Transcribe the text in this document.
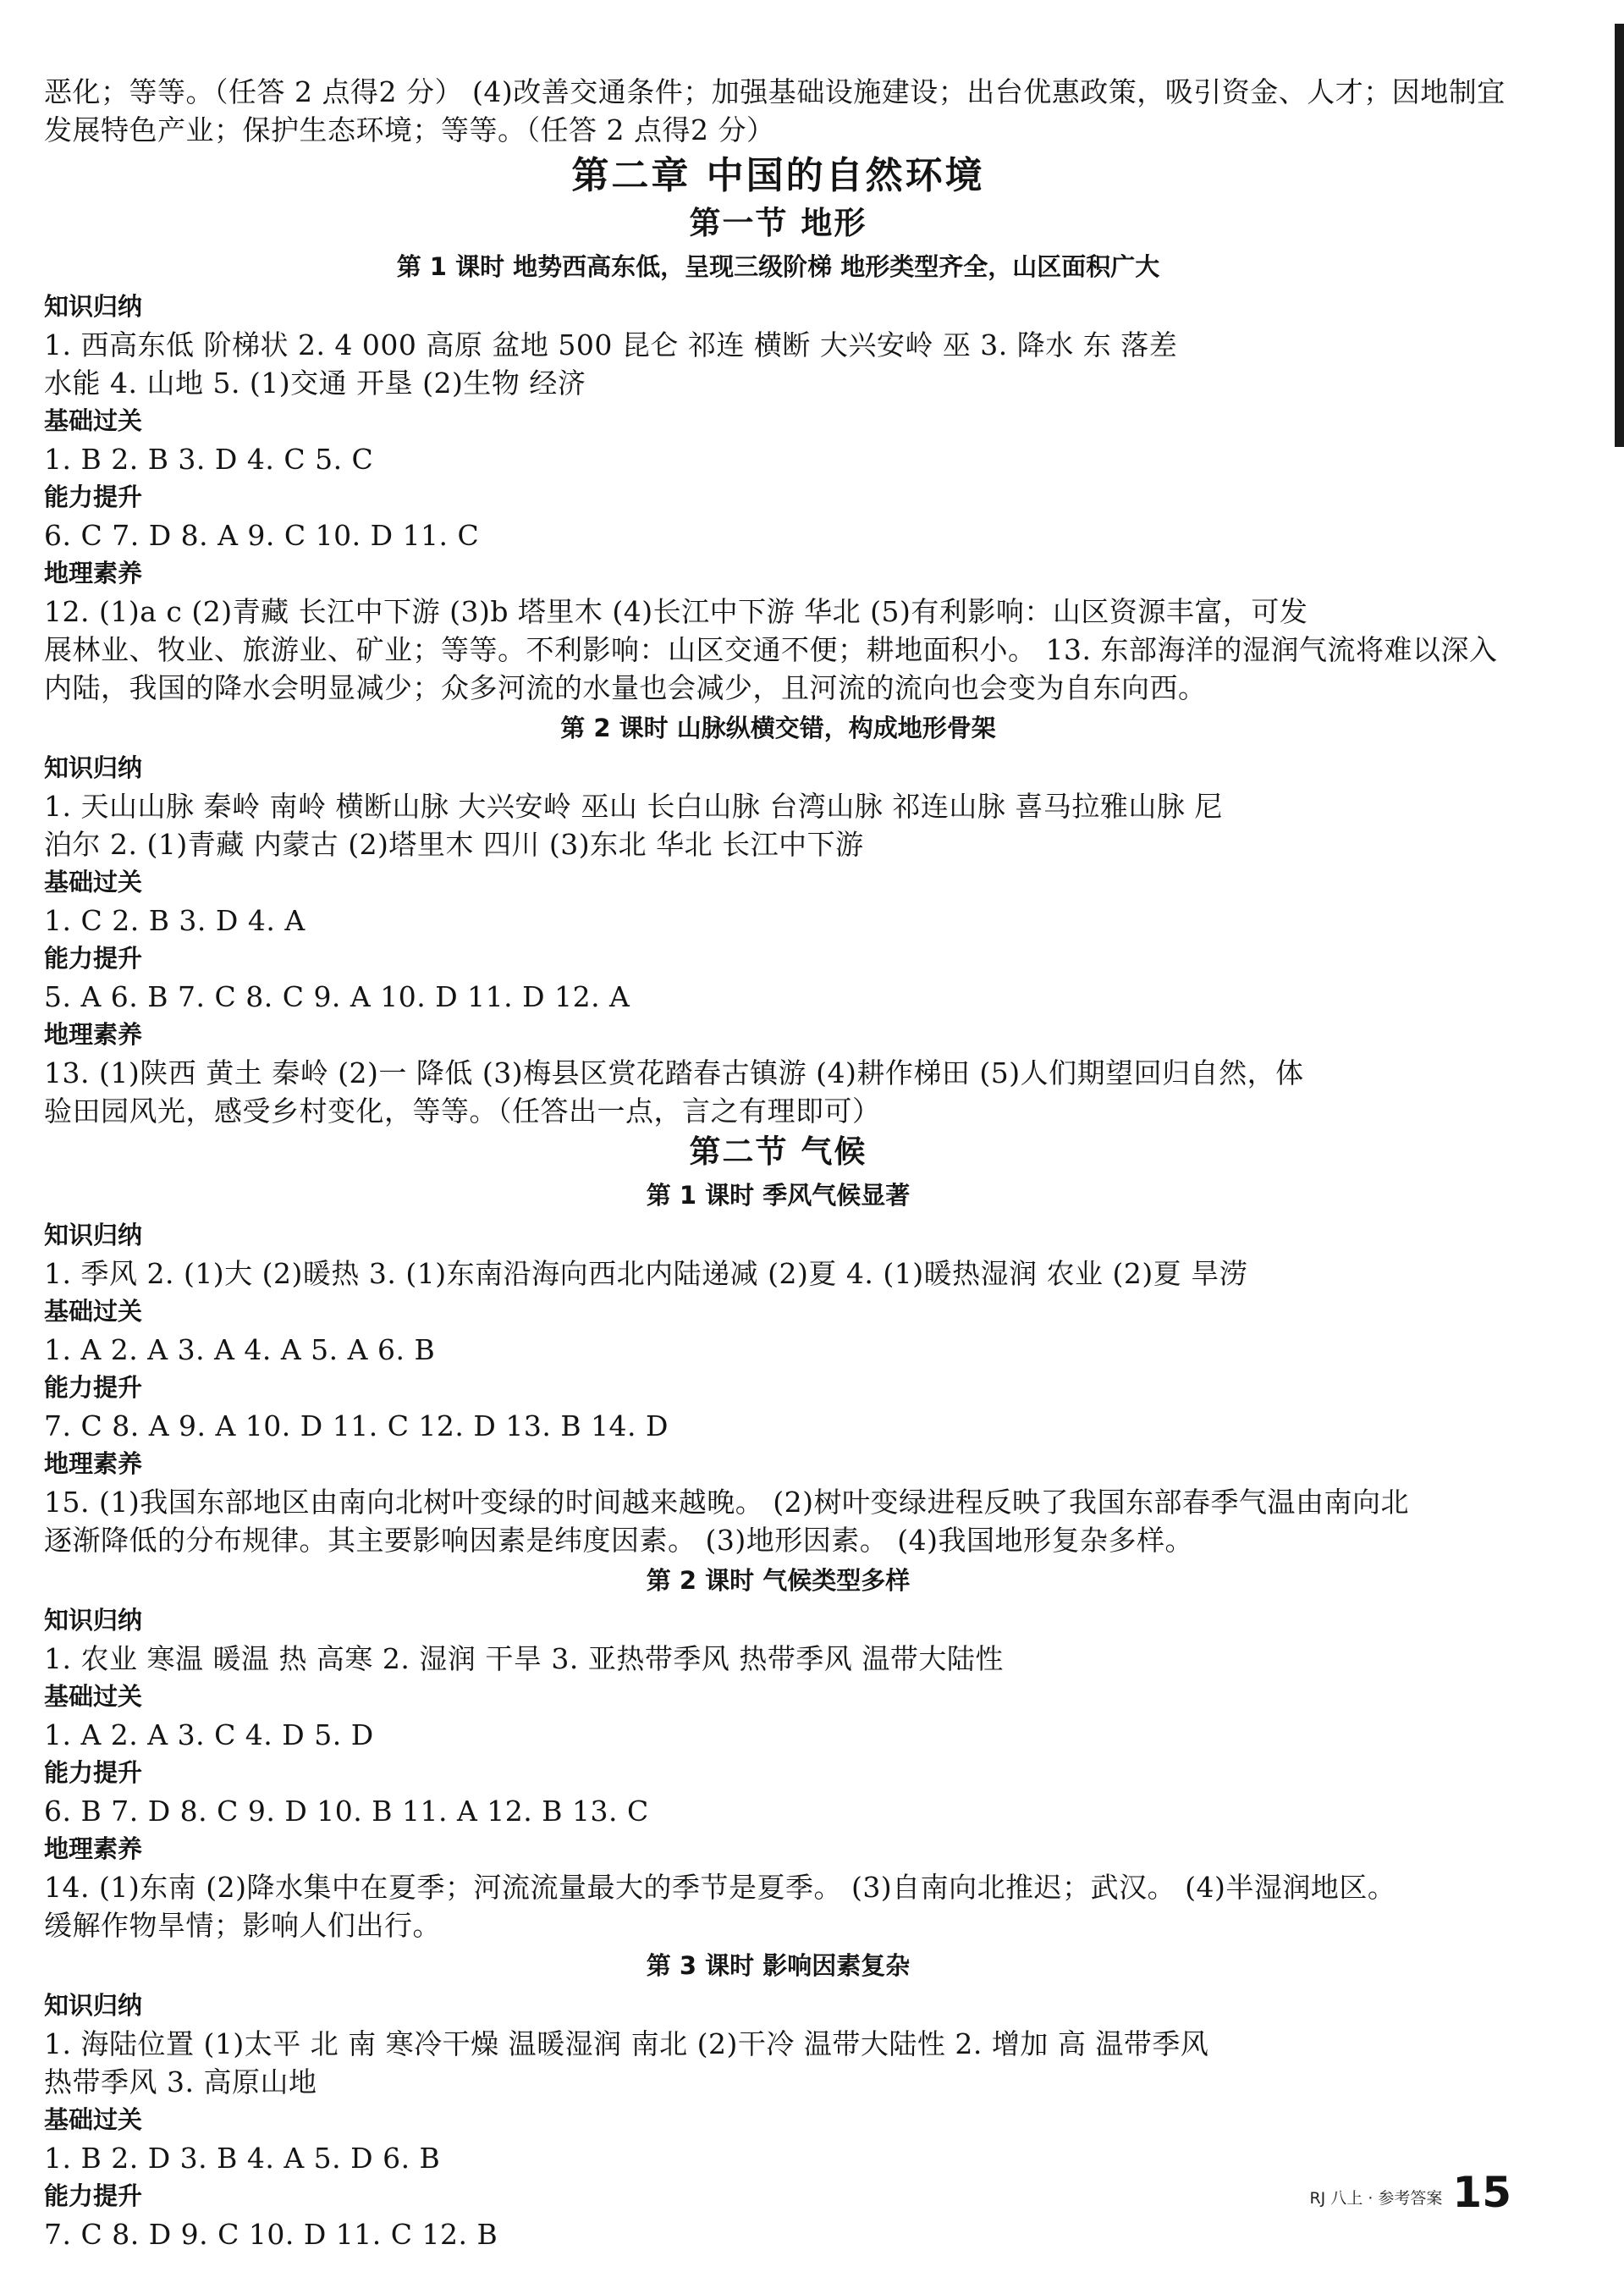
恶化；等等。（任答 2 点得2 分） (4)改善交通条件；加强基础设施建设；出台优惠政策，吸引资金、人才；因地制宜
发展特色产业；保护生态环境；等等。（任答 2 点得2 分）
第二章 中国的自然环境
第一节 地形
第 1 课时 地势西高东低，呈现三级阶梯 地形类型齐全，山区面积广大
知识归纳
1. 西高东低 阶梯状 2. 4 000 高原 盆地 500 昆仑 祁连 横断 大兴安岭 巫 3. 降水 东 落差
水能 4. 山地 5. (1)交通 开垦 (2)生物 经济
基础过关
1. B 2. B 3. D 4. C 5. C
能力提升
6. C 7. D 8. A 9. C 10. D 11. C
地理素养
12. (1)a c (2)青藏 长江中下游 (3)b 塔里木 (4)长江中下游 华北 (5)有利影响：山区资源丰富，可发
展林业、牧业、旅游业、矿业；等等。不利影响：山区交通不便；耕地面积小。 13. 东部海洋的湿润气流将难以深入
内陆，我国的降水会明显减少；众多河流的水量也会减少，且河流的流向也会变为自东向西。
第 2 课时 山脉纵横交错，构成地形骨架
知识归纳
1. 天山山脉 秦岭 南岭 横断山脉 大兴安岭 巫山 长白山脉 台湾山脉 祁连山脉 喜马拉雅山脉 尼
泊尔 2. (1)青藏 内蒙古 (2)塔里木 四川 (3)东北 华北 长江中下游
基础过关
1. C 2. B 3. D 4. A
能力提升
5. A 6. B 7. C 8. C 9. A 10. D 11. D 12. A
地理素养
13. (1)陕西 黄土 秦岭 (2)一 降低 (3)梅县区赏花踏春古镇游 (4)耕作梯田 (5)人们期望回归自然，体
验田园风光，感受乡村变化，等等。（任答出一点，言之有理即可）
第二节 气候
第 1 课时 季风气候显著
知识归纳
1. 季风 2. (1)大 (2)暖热 3. (1)东南沿海向西北内陆递减 (2)夏 4. (1)暖热湿润 农业 (2)夏 旱涝
基础过关
1. A 2. A 3. A 4. A 5. A 6. B
能力提升
7. C 8. A 9. A 10. D 11. C 12. D 13. B 14. D
地理素养
15. (1)我国东部地区由南向北树叶变绿的时间越来越晚。 (2)树叶变绿进程反映了我国东部春季气温由南向北
逐渐降低的分布规律。其主要影响因素是纬度因素。 (3)地形因素。 (4)我国地形复杂多样。
第 2 课时 气候类型多样
知识归纳
1. 农业 寒温 暖温 热 高寒 2. 湿润 干旱 3. 亚热带季风 热带季风 温带大陆性
基础过关
1. A 2. A 3. C 4. D 5. D
能力提升
6. B 7. D 8. C 9. D 10. B 11. A 12. B 13. C
地理素养
14. (1)东南 (2)降水集中在夏季；河流流量最大的季节是夏季。 (3)自南向北推迟；武汉。 (4)半湿润地区。
缓解作物旱情；影响人们出行。
第 3 课时 影响因素复杂
知识归纳
1. 海陆位置 (1)太平 北 南 寒冷干燥 温暖湿润 南北 (2)干冷 温带大陆性 2. 增加 高 温带季风
热带季风 3. 高原山地
基础过关
1. B 2. D 3. B 4. A 5. D 6. B
能力提升
7. C 8. D 9. C 10. D 11. C 12. B
RJ 八上 · 参考答案 15
